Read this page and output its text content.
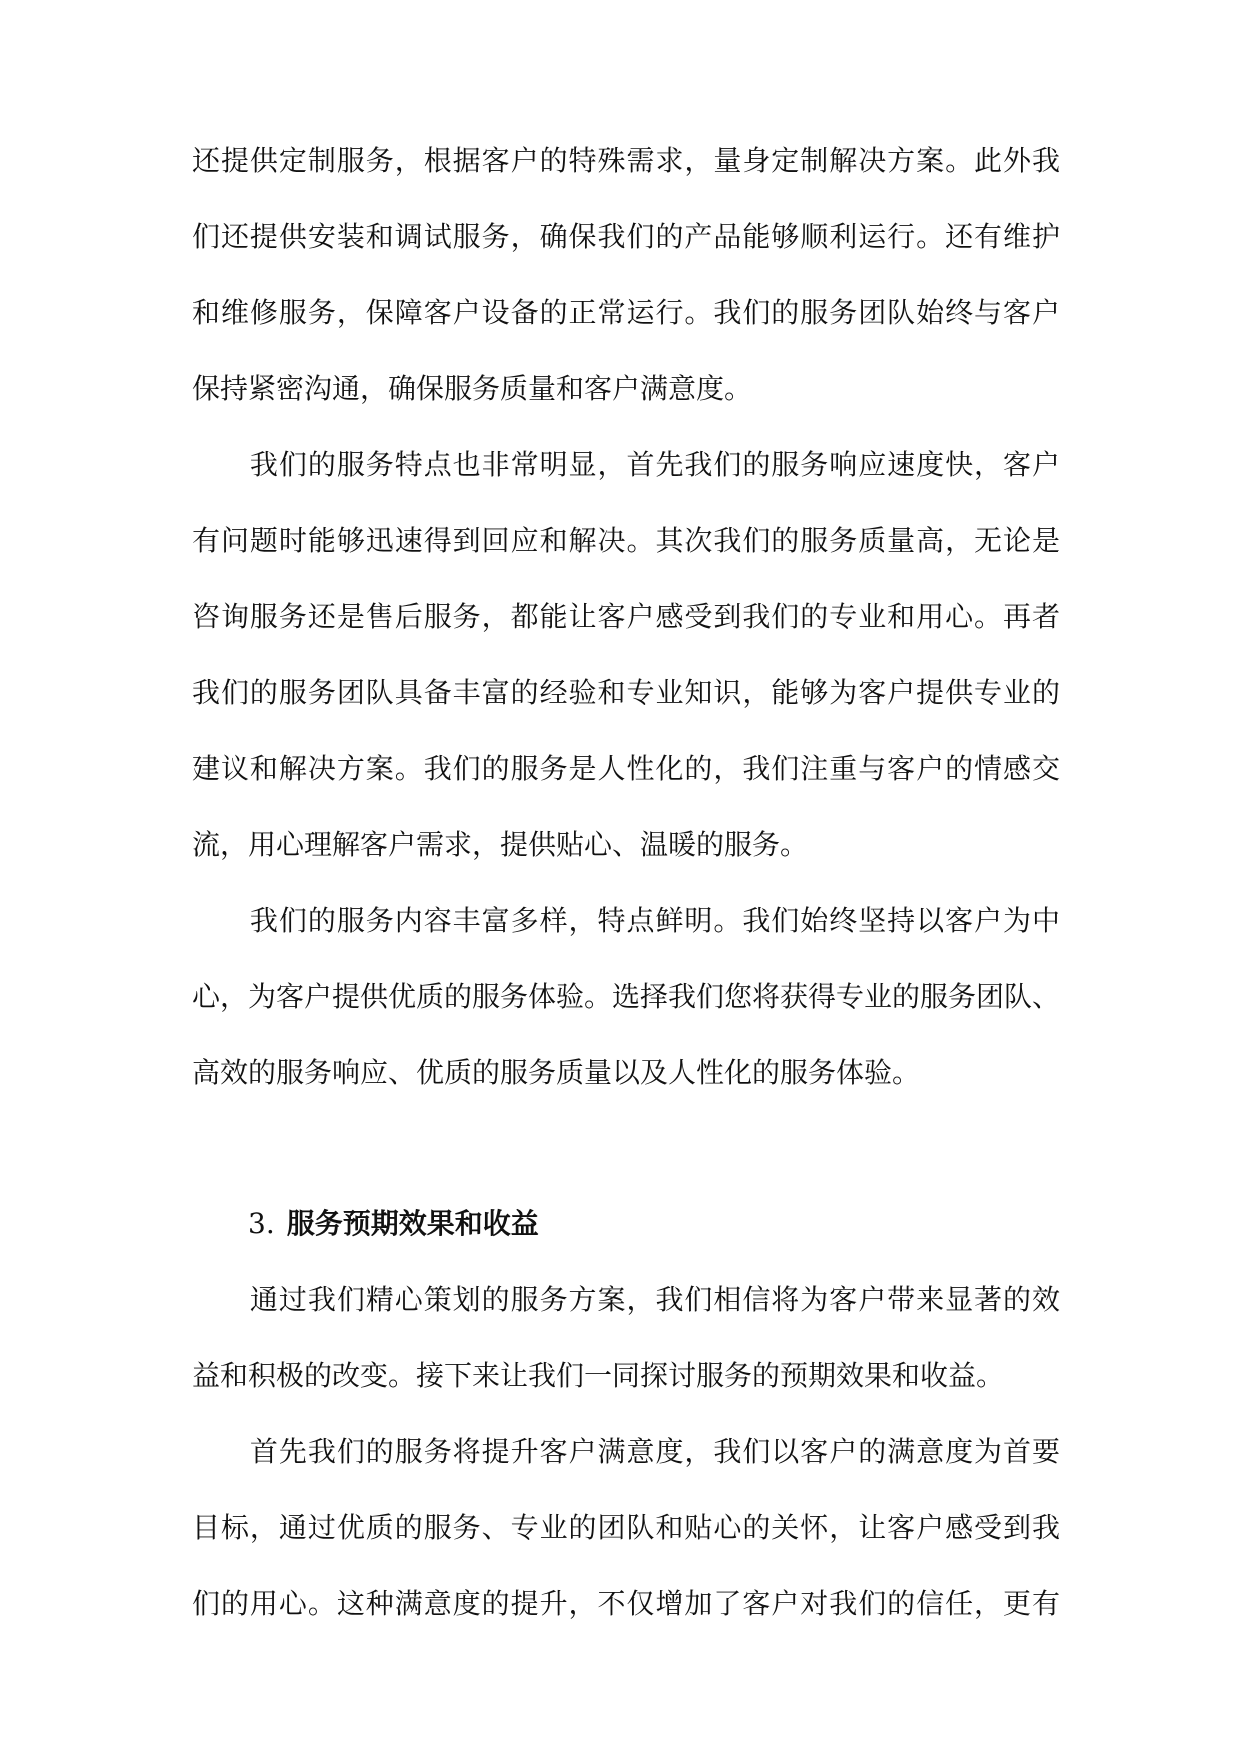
还提供定制服务，根据客户的特殊需求，量身定制解决方案。此外我
们还提供安装和调试服务，确保我们的产品能够顺利运行。还有维护
和维修服务，保障客户设备的正常运行。我们的服务团队始终与客户
保持紧密沟通，确保服务质量和客户满意度。
　　我们的服务特点也非常明显，首先我们的服务响应速度快，客户
有问题时能够迅速得到回应和解决。其次我们的服务质量高，无论是
咨询服务还是售后服务，都能让客户感受到我们的专业和用心。再者
我们的服务团队具备丰富的经验和专业知识，能够为客户提供专业的
建议和解决方案。我们的服务是人性化的，我们注重与客户的情感交
流，用心理解客户需求，提供贴心、温暖的服务。
　　我们的服务内容丰富多样，特点鲜明。我们始终坚持以客户为中
心，为客户提供优质的服务体验。选择我们您将获得专业的服务团队、
高效的服务响应、优质的服务质量以及人性化的服务体验。
3. 服务预期效果和收益
　　通过我们精心策划的服务方案，我们相信将为客户带来显著的效
益和积极的改变。接下来让我们一同探讨服务的预期效果和收益。
　　首先我们的服务将提升客户满意度，我们以客户的满意度为首要
目标，通过优质的服务、专业的团队和贴心的关怀，让客户感受到我
们的用心。这种满意度的提升，不仅增加了客户对我们的信任，更有
